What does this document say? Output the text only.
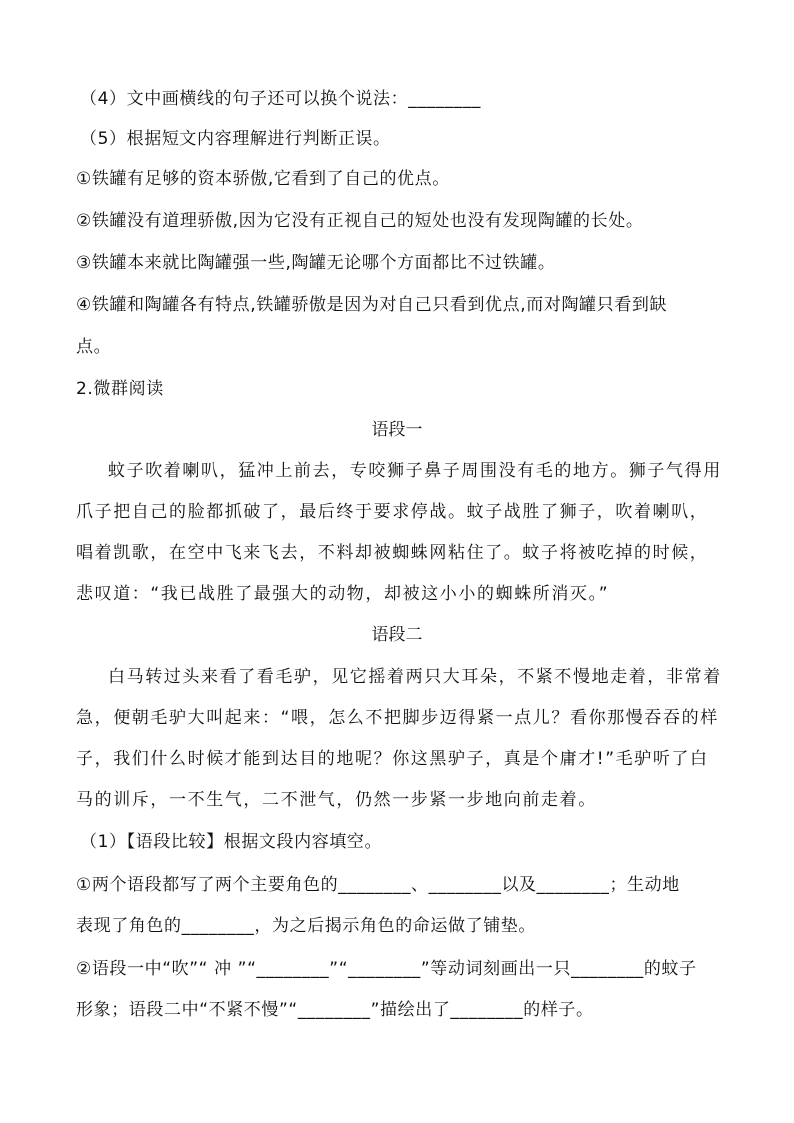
（4）文中画横线的句子还可以换个说法：________
（5）根据短文内容理解进行判断正误。
①铁罐有足够的资本骄傲,它看到了自己的优点。
②铁罐没有道理骄傲,因为它没有正视自己的短处也没有发现陶罐的长处。
③铁罐本来就比陶罐强一些,陶罐无论哪个方面都比不过铁罐。
④铁罐和陶罐各有特点,铁罐骄傲是因为对自己只看到优点,而对陶罐只看到缺
点。
2.微群阅读
语段一
蚊子吹着喇叭，猛冲上前去，专咬狮子鼻子周围没有毛的地方。狮子气得用
爪子把自己的脸都抓破了，最后终于要求停战。蚊子战胜了狮子，吹着喇叭，
唱着凯歌，在空中飞来飞去，不料却被蜘蛛网粘住了。蚊子将被吃掉的时候，
悲叹道：“我已战胜了最强大的动物，却被这小小的蜘蛛所消灭。”
语段二
白马转过头来看了看毛驴，见它摇着两只大耳朵，不紧不慢地走着，非常着
急，便朝毛驴大叫起来：“喂，怎么不把脚步迈得紧一点儿？看你那慢吞吞的样
子，我们什么时候才能到达目的地呢？你这黑驴子，真是个庸才!”毛驴听了白
马的训斥，一不生气，二不泄气，仍然一步紧一步地向前走着。
（1）【语段比较】根据文段内容填空。
①两个语段都写了两个主要角色的________、________以及________；生动地
表现了角色的________，为之后揭示角色的命运做了铺垫。
②语段一中“吹”“ 冲 ”“________”“________”等动词刻画出一只________的蚊子
形象；语段二中“不紧不慢”“________”描绘出了________的样子。
